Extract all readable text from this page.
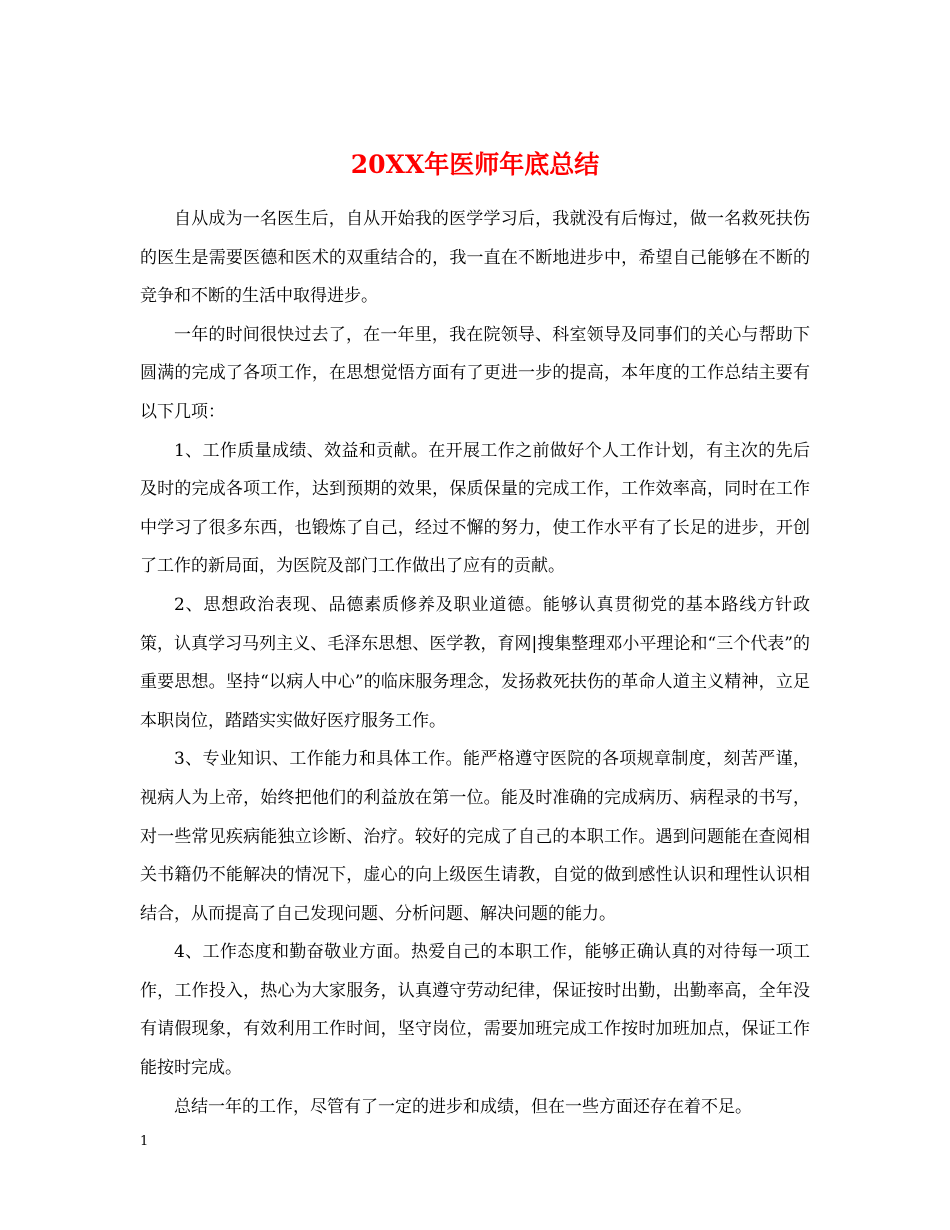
20XX年医师年底总结

自从成为一名医生后，自从开始我的医学学习后，我就没有后悔过，做一名救死扶伤的医生是需要医德和医术的双重结合的，我一直在不断地进步中，希望自己能够在不断的竞争和不断的生活中取得进步。

一年的时间很快过去了，在一年里，我在院领导、科室领导及同事们的关心与帮助下圆满的完成了各项工作，在思想觉悟方面有了更进一步的提高，本年度的工作总结主要有以下几项：

1、工作质量成绩、效益和贡献。在开展工作之前做好个人工作计划，有主次的先后及时的完成各项工作，达到预期的效果，保质保量的完成工作，工作效率高，同时在工作中学习了很多东西，也锻炼了自己，经过不懈的努力，使工作水平有了长足的进步，开创了工作的新局面，为医院及部门工作做出了应有的贡献。

2、思想政治表现、品德素质修养及职业道德。能够认真贯彻党的基本路线方针政策，认真学习马列主义、毛泽东思想、医学教，育网|搜集整理邓小平理论和“三个代表”的重要思想。坚持“以病人中心”的临床服务理念，发扬救死扶伤的革命人道主义精神，立足本职岗位，踏踏实实做好医疗服务工作。

3、专业知识、工作能力和具体工作。能严格遵守医院的各项规章制度，刻苦严谨，视病人为上帝，始终把他们的利益放在第一位。能及时准确的完成病历、病程录的书写，对一些常见疾病能独立诊断、治疗。较好的完成了自己的本职工作。遇到问题能在查阅相关书籍仍不能解决的情况下，虚心的向上级医生请教，自觉的做到感性认识和理性认识相结合，从而提高了自己发现问题、分析问题、解决问题的能力。

4、工作态度和勤奋敬业方面。热爱自己的本职工作，能够正确认真的对待每一项工作，工作投入，热心为大家服务，认真遵守劳动纪律，保证按时出勤，出勤率高，全年没有请假现象，有效利用工作时间，坚守岗位，需要加班完成工作按时加班加点，保证工作能按时完成。

总结一年的工作，尽管有了一定的进步和成绩，但在一些方面还存在着不足。

1
